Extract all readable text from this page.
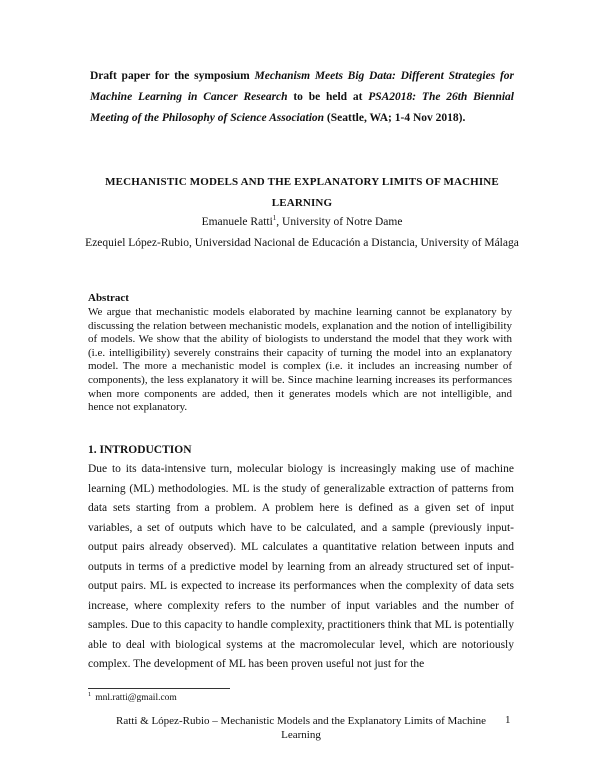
Draft paper for the symposium Mechanism Meets Big Data: Different Strategies for Machine Learning in Cancer Research to be held at PSA2018: The 26th Biennial Meeting of the Philosophy of Science Association (Seattle, WA; 1-4 Nov 2018).
MECHANISTIC MODELS AND THE EXPLANATORY LIMITS OF MACHINE LEARNING
Emanuele Ratti$^1$, University of Notre Dame
Ezequiel López-Rubio, Universidad Nacional de Educación a Distancia, University of Málaga
Abstract
We argue that mechanistic models elaborated by machine learning cannot be explanatory by discussing the relation between mechanistic models, explanation and the notion of intelligibility of models. We show that the ability of biologists to understand the model that they work with (i.e. intelligibility) severely constrains their capacity of turning the model into an explanatory model. The more a mechanistic model is complex (i.e. it includes an increasing number of components), the less explanatory it will be. Since machine learning increases its performances when more components are added, then it generates models which are not intelligible, and hence not explanatory.
1. INTRODUCTION
Due to its data-intensive turn, molecular biology is increasingly making use of machine learning (ML) methodologies. ML is the study of generalizable extraction of patterns from data sets starting from a problem. A problem here is defined as a given set of input variables, a set of outputs which have to be calculated, and a sample (previously input-output pairs already observed). ML calculates a quantitative relation between inputs and outputs in terms of a predictive model by learning from an already structured set of input-output pairs. ML is expected to increase its performances when the complexity of data sets increase, where complexity refers to the number of input variables and the number of samples. Due to this capacity to handle complexity, practitioners think that ML is potentially able to deal with biological systems at the macromolecular level, which are notoriously complex. The development of ML has been proven useful not just for the
$^1$ mnl.ratti@gmail.com
Ratti & López-Rubio – Mechanistic Models and the Explanatory Limits of Machine Learning
1
